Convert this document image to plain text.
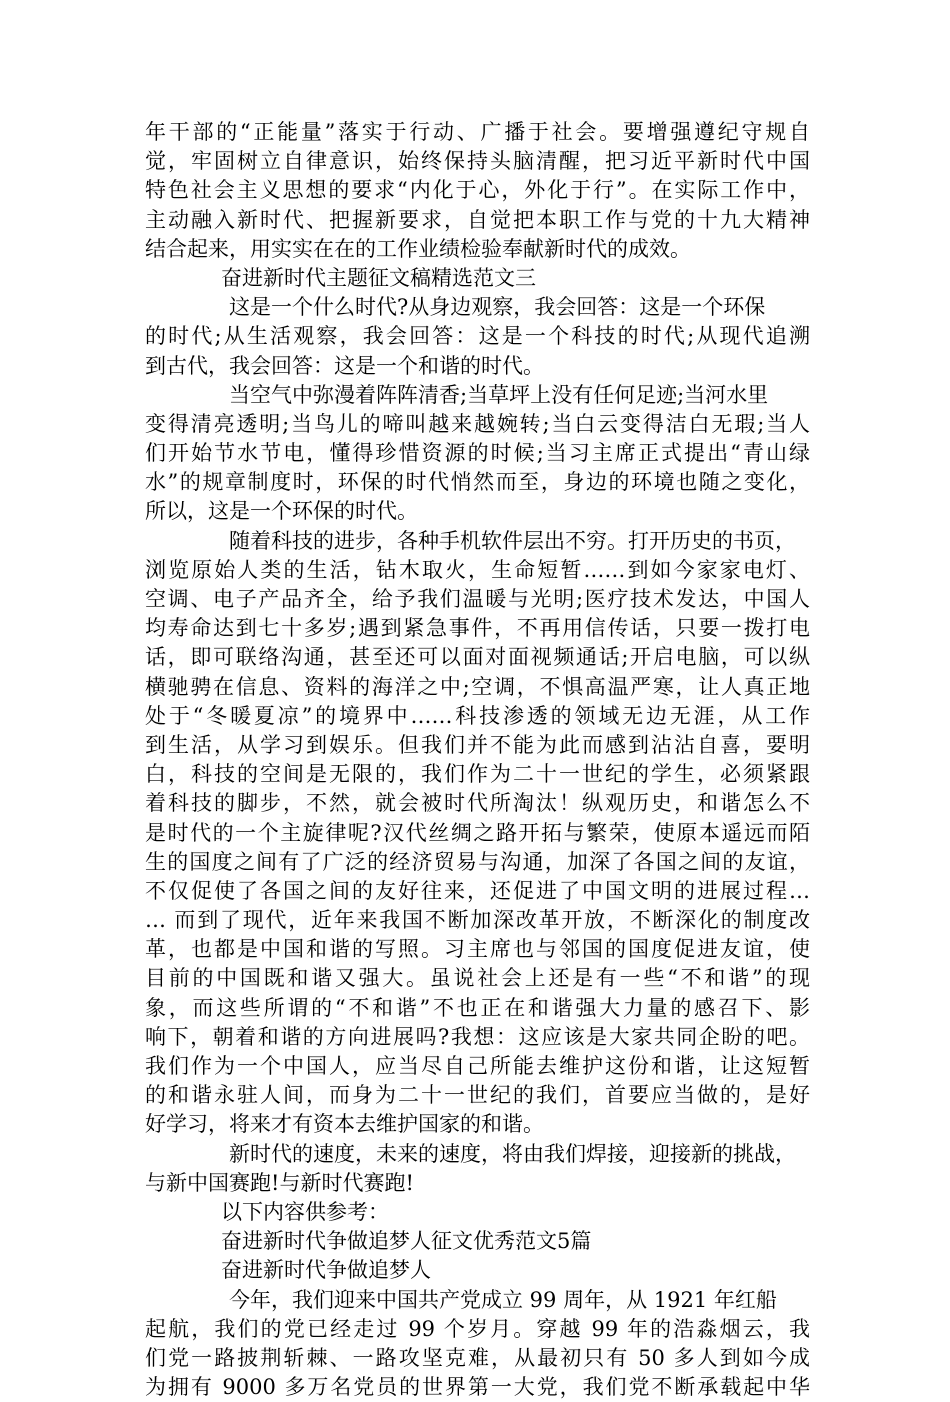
年干部的“正能量”落实于行动、广播于社会。要增强遵纪守规自
觉，牢固树立自律意识，始终保持头脑清醒，把习近平新时代中国
特色社会主义思想的要求“内化于心，外化于行”。在实际工作中，
主动融入新时代、把握新要求，自觉把本职工作与党的十九大精神
结合起来，用实实在在的工作业绩检验奉献新时代的成效。
奋进新时代主题征文稿精选范文三
这是一个什么时代?从身边观察，我会回答：这是一个环保
的时代;从生活观察，我会回答：这是一个科技的时代;从现代追溯
到古代，我会回答：这是一个和谐的时代。
当空气中弥漫着阵阵清香;当草坪上没有任何足迹;当河水里
变得清亮透明;当鸟儿的啼叫越来越婉转;当白云变得洁白无瑕;当人
们开始节水节电，懂得珍惜资源的时候;当习主席正式提出“青山绿
水”的规章制度时，环保的时代悄然而至，身边的环境也随之变化，
所以，这是一个环保的时代。
随着科技的进步，各种手机软件层出不穷。打开历史的书页，
浏览原始人类的生活，钻木取火，生命短暂……到如今家家电灯、
空调、电子产品齐全，给予我们温暖与光明;医疗技术发达，中国人
均寿命达到七十多岁;遇到紧急事件，不再用信传话，只要一拨打电
话，即可联络沟通，甚至还可以面对面视频通话;开启电脑，可以纵
横驰骋在信息、资料的海洋之中;空调，不惧高温严寒，让人真正地
处于“冬暖夏凉”的境界中……科技渗透的领域无边无涯，从工作
到生活，从学习到娱乐。但我们并不能为此而感到沾沾自喜，要明
白，科技的空间是无限的，我们作为二十一世纪的学生，必须紧跟
着科技的脚步，不然，就会被时代所淘汰！纵观历史，和谐怎么不
是时代的一个主旋律呢?汉代丝绸之路开拓与繁荣，使原本遥远而陌
生的国度之间有了广泛的经济贸易与沟通，加深了各国之间的友谊，
不仅促使了各国之间的友好往来，还促进了中国文明的进展过程…
… 而到了现代，近年来我国不断加深改革开放，不断深化的制度改
革，也都是中国和谐的写照。习主席也与邻国的国度促进友谊，使
目前的中国既和谐又强大。虽说社会上还是有一些“不和谐”的现
象，而这些所谓的“不和谐”不也正在和谐强大力量的感召下、影
响下，朝着和谐的方向进展吗?我想：这应该是大家共同企盼的吧。
我们作为一个中国人，应当尽自己所能去维护这份和谐，让这短暂
的和谐永驻人间，而身为二十一世纪的我们，首要应当做的，是好
好学习，将来才有资本去维护国家的和谐。
新时代的速度，未来的速度，将由我们焊接，迎接新的挑战，
与新中国赛跑!与新时代赛跑!
以下内容供参考：
奋进新时代争做追梦人征文优秀范文5篇
奋进新时代争做追梦人
今年，我们迎来中国共产党成立 99 周年，从 1921 年红船
起航，我们的党已经走过 99 个岁月。穿越 99 年的浩淼烟云，我
们党一路披荆斩棘、一路攻坚克难，从最初只有 50 多人到如今成
为拥有 9000 多万名党员的世界第一大党，我们党不断承载起中华
